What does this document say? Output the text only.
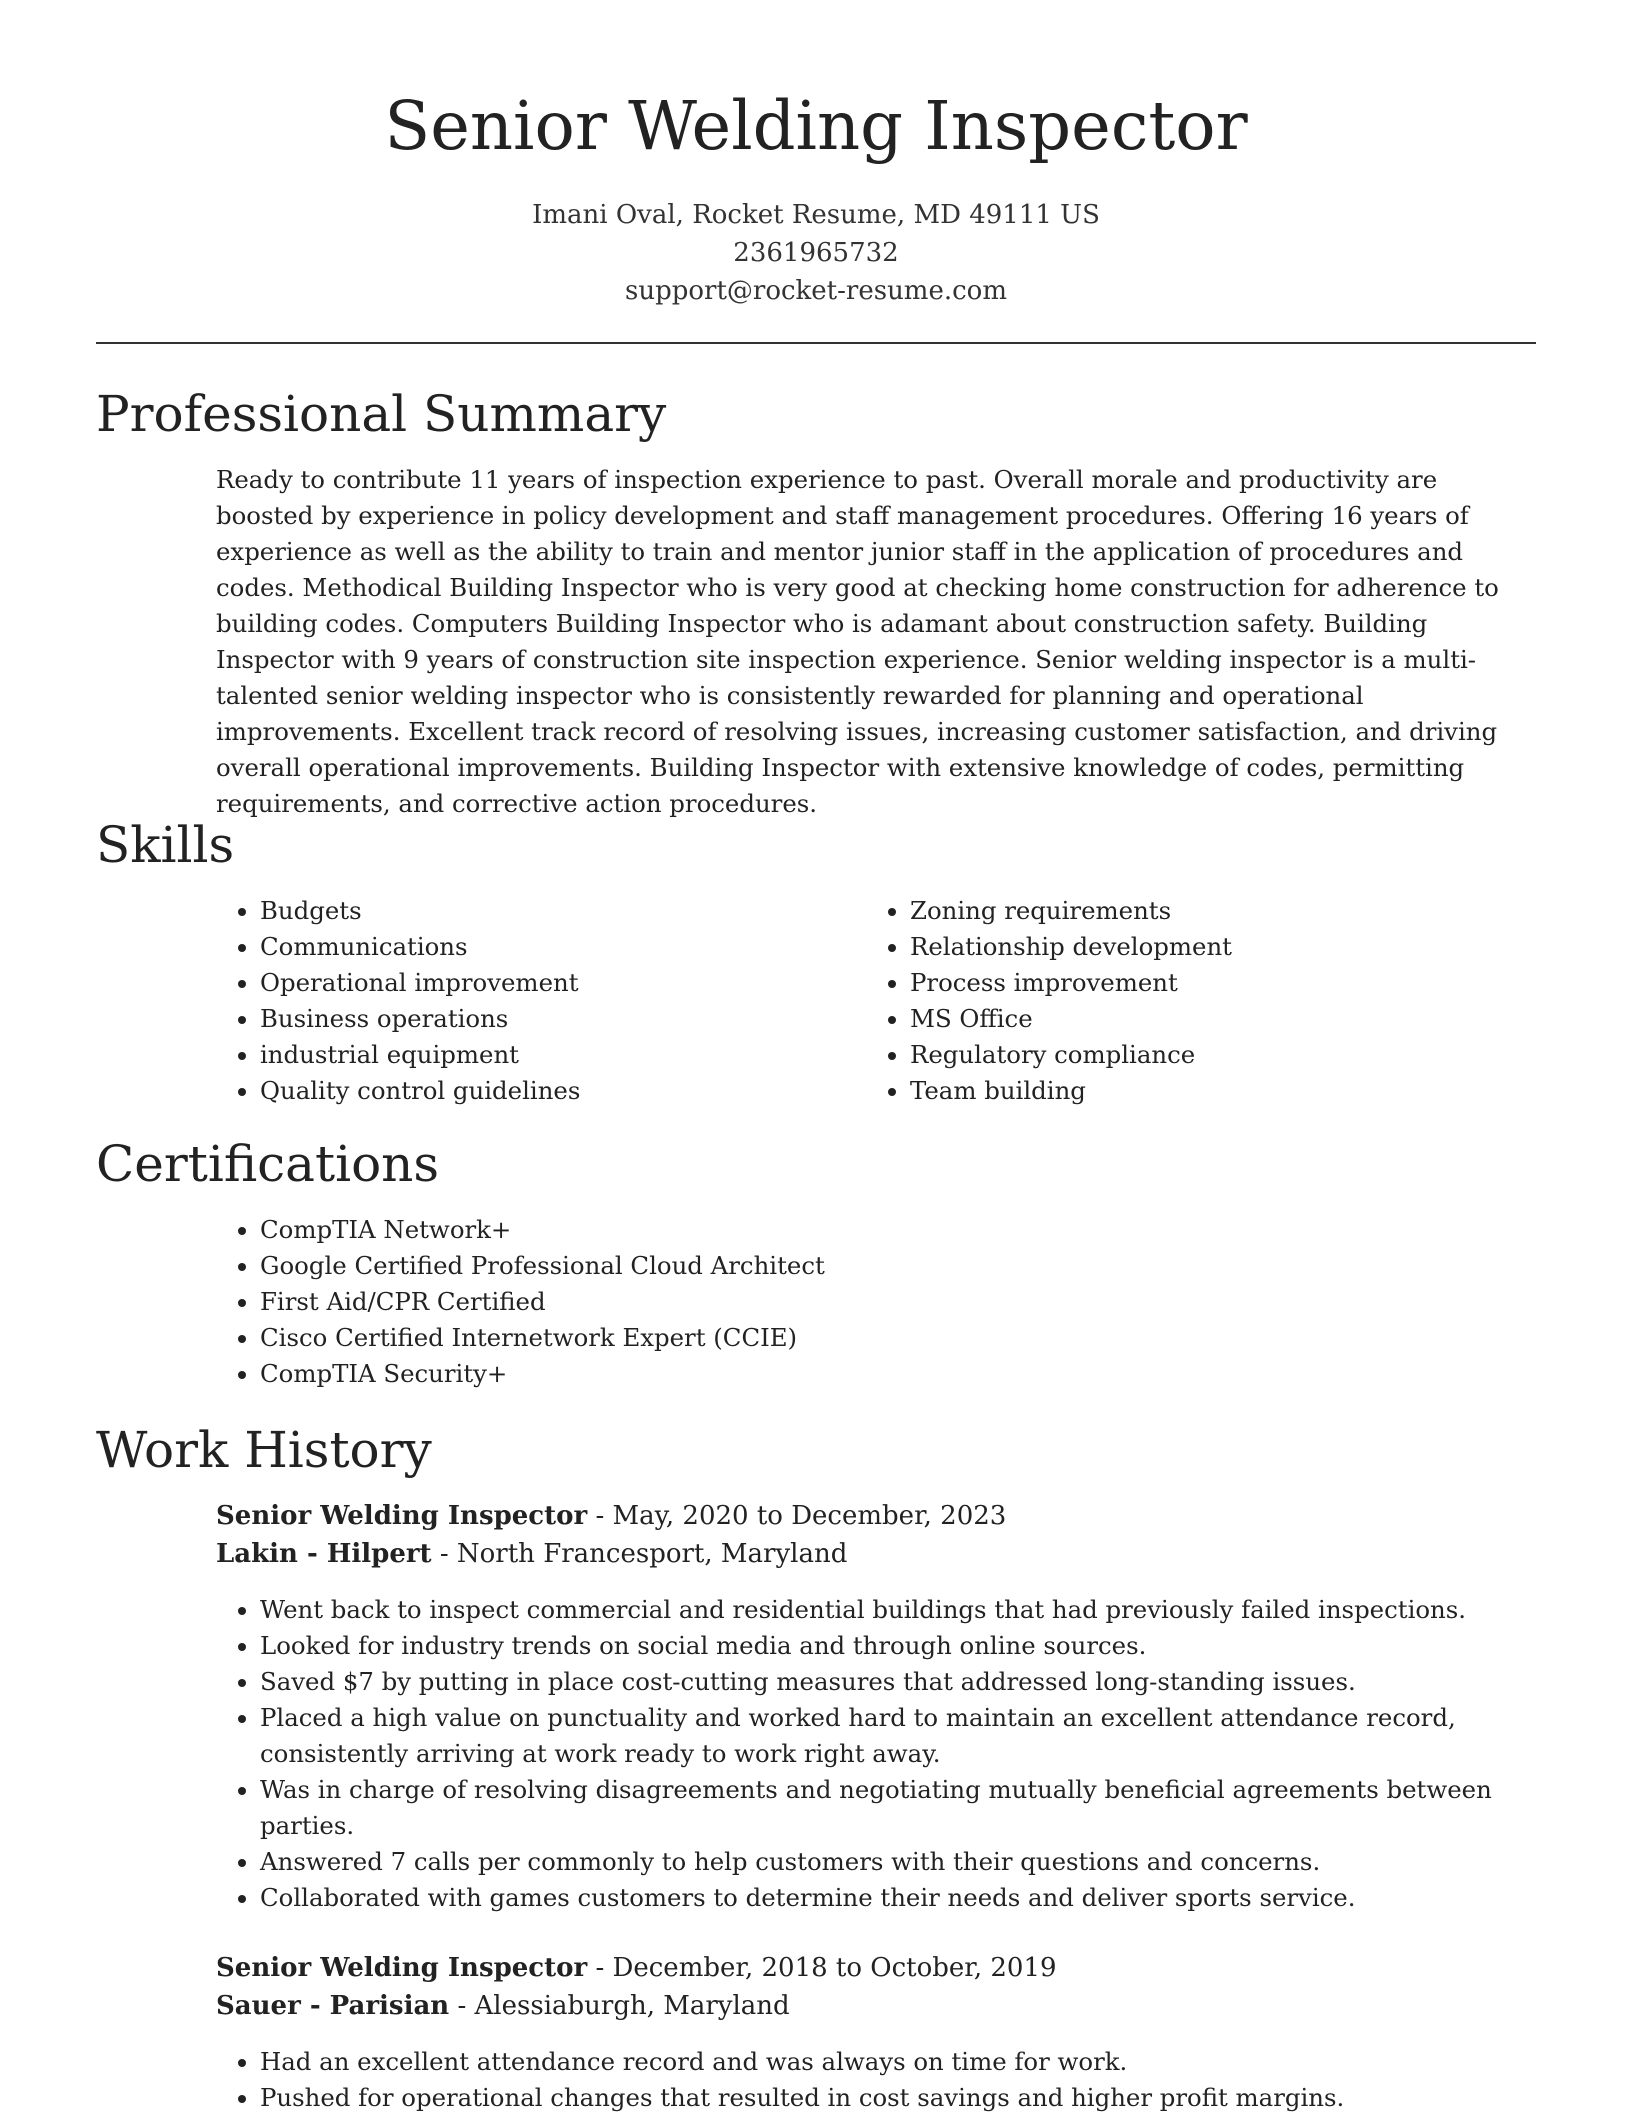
Senior Welding Inspector
Imani Oval, Rocket Resume, MD 49111 US
2361965732
support@rocket-resume.com
Professional Summary
Ready to contribute 11 years of inspection experience to past. Overall morale and productivity are boosted by experience in policy development and staff management procedures. Offering 16 years of experience as well as the ability to train and mentor junior staff in the application of procedures and codes. Methodical Building Inspector who is very good at checking home construction for adherence to building codes. Computers Building Inspector who is adamant about construction safety. Building Inspector with 9 years of construction site inspection experience. Senior welding inspector is a multi-talented senior welding inspector who is consistently rewarded for planning and operational improvements. Excellent track record of resolving issues, increasing customer satisfaction, and driving overall operational improvements. Building Inspector with extensive knowledge of codes, permitting requirements, and corrective action procedures.
Skills
• Budgets
• Communications
• Operational improvement
• Business operations
• industrial equipment
• Quality control guidelines
• Zoning requirements
• Relationship development
• Process improvement
• MS Office
• Regulatory compliance
• Team building
Certifications
• CompTIA Network+
• Google Certified Professional Cloud Architect
• First Aid/CPR Certified
• Cisco Certified Internetwork Expert (CCIE)
• CompTIA Security+
Work History
Senior Welding Inspector - May, 2020 to December, 2023
Lakin - Hilpert - North Francesport, Maryland
• Went back to inspect commercial and residential buildings that had previously failed inspections.
• Looked for industry trends on social media and through online sources.
• Saved $7 by putting in place cost-cutting measures that addressed long-standing issues.
• Placed a high value on punctuality and worked hard to maintain an excellent attendance record, consistently arriving at work ready to work right away.
• Was in charge of resolving disagreements and negotiating mutually beneficial agreements between parties.
• Answered 7 calls per commonly to help customers with their questions and concerns.
• Collaborated with games customers to determine their needs and deliver sports service.
Senior Welding Inspector - December, 2018 to October, 2019
Sauer - Parisian - Alessiaburgh, Maryland
• Had an excellent attendance record and was always on time for work.
• Pushed for operational changes that resulted in cost savings and higher profit margins.
